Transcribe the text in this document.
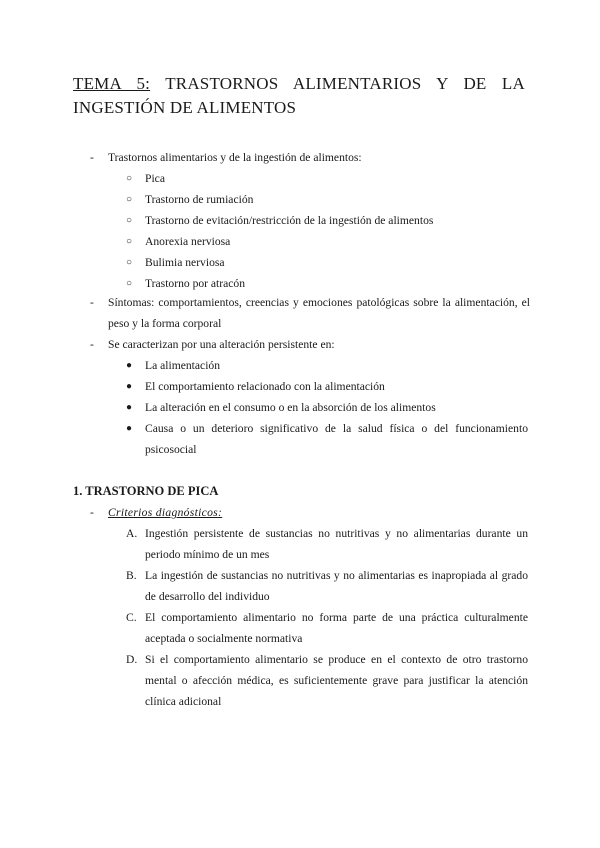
TEMA 5: TRASTORNOS ALIMENTARIOS Y DE LA INGESTIÓN DE ALIMENTOS
-	Trastornos alimentarios y de la ingestión de alimentos:
○ Pica
○ Trastorno de rumiación
○ Trastorno de evitación/restricción de la ingestión de alimentos
○ Anorexia nerviosa
○ Bulimia nerviosa
○ Trastorno por atracón
-	Síntomas: comportamientos, creencias y emociones patológicas sobre la alimentación, el peso y la forma corporal
-	Se caracterizan por una alteración persistente en:
● La alimentación
● El comportamiento relacionado con la alimentación
● La alteración en el consumo o en la absorción de los alimentos
● Causa o un deterioro significativo de la salud física o del funcionamiento psicosocial
1. TRASTORNO DE PICA
- Criterios diagnósticos:
A. Ingestión persistente de sustancias no nutritivas y no alimentarias durante un periodo mínimo de un mes
B. La ingestión de sustancias no nutritivas y no alimentarias es inapropiada al grado de desarrollo del individuo
C. El comportamiento alimentario no forma parte de una práctica culturalmente aceptada o socialmente normativa
D. Si el comportamiento alimentario se produce en el contexto de otro trastorno mental o afección médica, es suficientemente grave para justificar la atención clínica adicional
